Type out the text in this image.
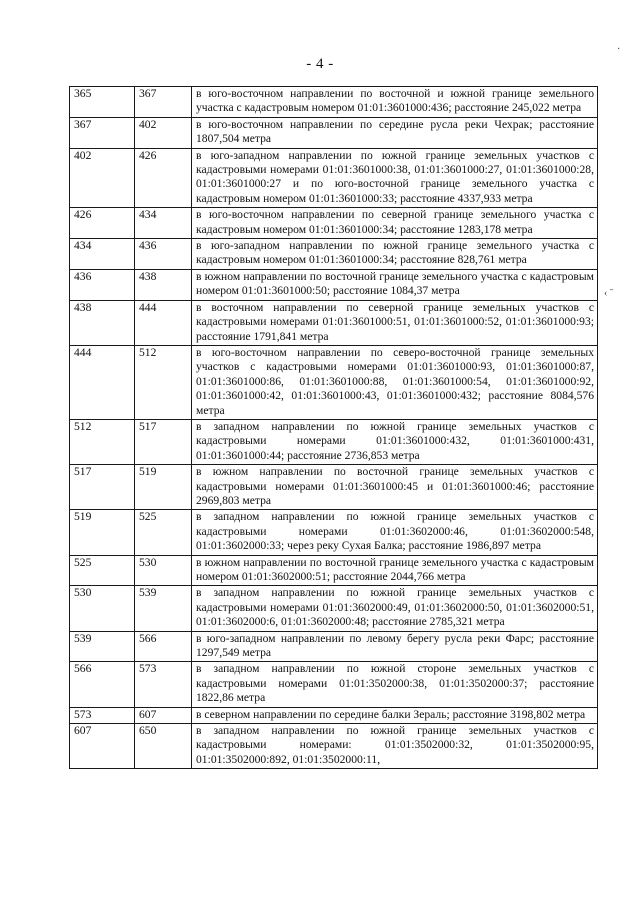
- 4 -
365	367	в юго-восточном направлении по восточной и южной границе земельного участка с кадастровым номером 01:01:3601000:436; расстояние 245,022 метра
367	402	в юго-восточном направлении по середине русла реки Чехрак; расстояние 1807,504 метра
402	426	в юго-западном направлении по южной границе земельных участков с кадастровыми номерами 01:01:3601000:38, 01:01:3601000:27, 01:01:3601000:28, 01:01:3601000:27 и по юго-восточной границе земельного участка с кадастровым номером 01:01:3601000:33; расстояние 4337,933 метра
426	434	в юго-восточном направлении по северной границе земельного участка с кадастровым номером 01:01:3601000:34; расстояние 1283,178 метра
434	436	в юго-западном направлении по южной границе земельного участка с кадастровым номером 01:01:3601000:34; расстояние 828,761 метра
436	438	в южном направлении по восточной границе земельного участка с кадастровым номером 01:01:3601000:50; расстояние 1084,37 метра
438	444	в восточном направлении по северной границе земельных участков с кадастровыми номерами 01:01:3601000:51, 01:01:3601000:52, 01:01:3601000:93; расстояние 1791,841 метра
444	512	в юго-восточном направлении по северо-восточной границе земельных участков с кадастровыми номерами 01:01:3601000:93, 01:01:3601000:87, 01:01:3601000:86, 01:01:3601000:88, 01:01:3601000:54, 01:01:3601000:92, 01:01:3601000:42, 01:01:3601000:43, 01:01:3601000:432; расстояние 8084,576 метра
512	517	в западном направлении по южной границе земельных участков с кадастровыми номерами 01:01:3601000:432, 01:01:3601000:431, 01:01:3601000:44; расстояние 2736,853 метра
517	519	в южном направлении по восточной границе земельных участков с кадастровыми номерами 01:01:3601000:45 и 01:01:3601000:46; расстояние 2969,803 метра
519	525	в западном направлении по южной границе земельных участков с кадастровыми номерами 01:01:3602000:46, 01:01:3602000:548, 01:01:3602000:33; через реку Сухая Балка; расстояние 1986,897 метра
525	530	в южном направлении по восточной границе земельного участка с кадастровым номером 01:01:3602000:51; расстояние 2044,766 метра
530	539	в западном направлении по южной границе земельных участков с кадастровыми номерами 01:01:3602000:49, 01:01:3602000:50, 01:01:3602000:51, 01:01:3602000:6, 01:01:3602000:48; расстояние 2785,321 метра
539	566	в юго-западном направлении по левому берегу русла реки Фарс; расстояние 1297,549 метра
566	573	в западном направлении по южной стороне земельных участков с кадастровыми номерами 01:01:3502000:38, 01:01:3502000:37; расстояние 1822,86 метра
573	607	в северном направлении по середине балки Зераль; расстояние 3198,802 метра
607	650	в западном направлении по южной границе земельных участков с кадастровыми номерами: 01:01:3502000:32, 01:01:3502000:95, 01:01:3502000:892, 01:01:3502000:11,
·
‹ ˉ
